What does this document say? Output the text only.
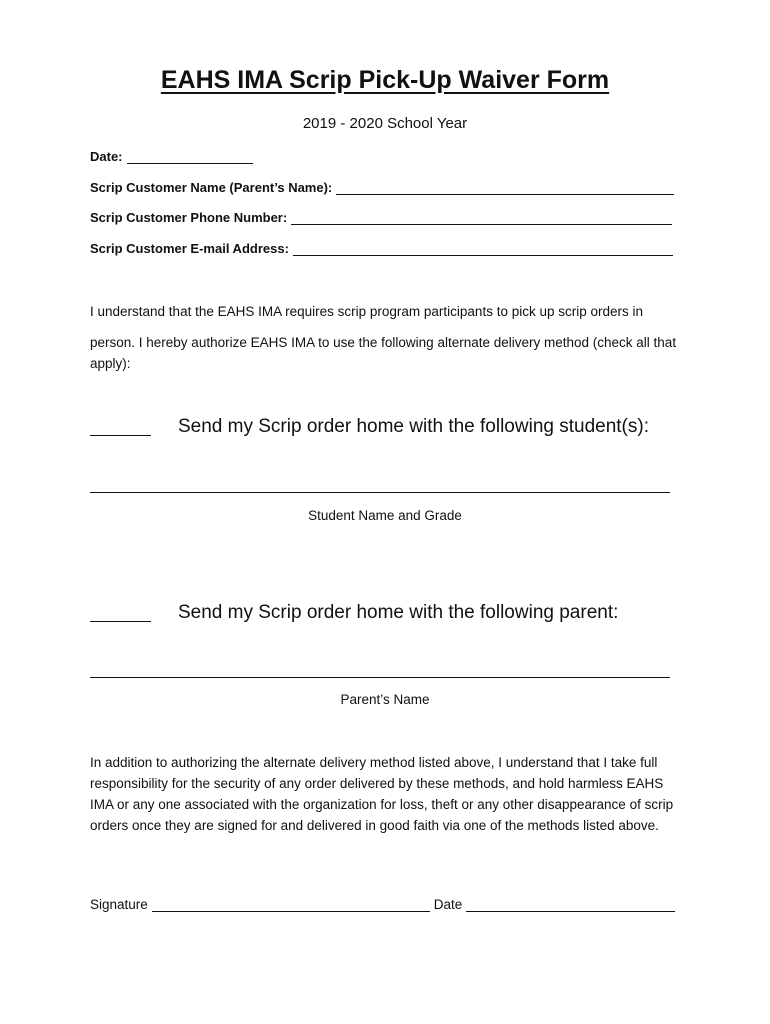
EAHS IMA Scrip Pick-Up Waiver Form
2019 - 2020 School Year
Date:
Scrip Customer Name (Parent’s Name):
Scrip Customer Phone Number:
Scrip Customer E-mail Address:
I understand that the EAHS IMA requires scrip program participants to pick up scrip orders in
person. I hereby authorize EAHS IMA to use the following alternate delivery method (check all that apply):
Send my Scrip order home with the following student(s):
Student Name and Grade
Send my Scrip order home with the following parent:
Parent’s Name
In addition to authorizing the alternate delivery method listed above, I understand that I take full responsibility for the security of any order delivered by these methods, and hold harmless EAHS IMA or any one associated with the organization for loss, theft or any other disappearance of scrip orders once they are signed for and delivered in good faith via one of the methods listed above.
Signature	Date
